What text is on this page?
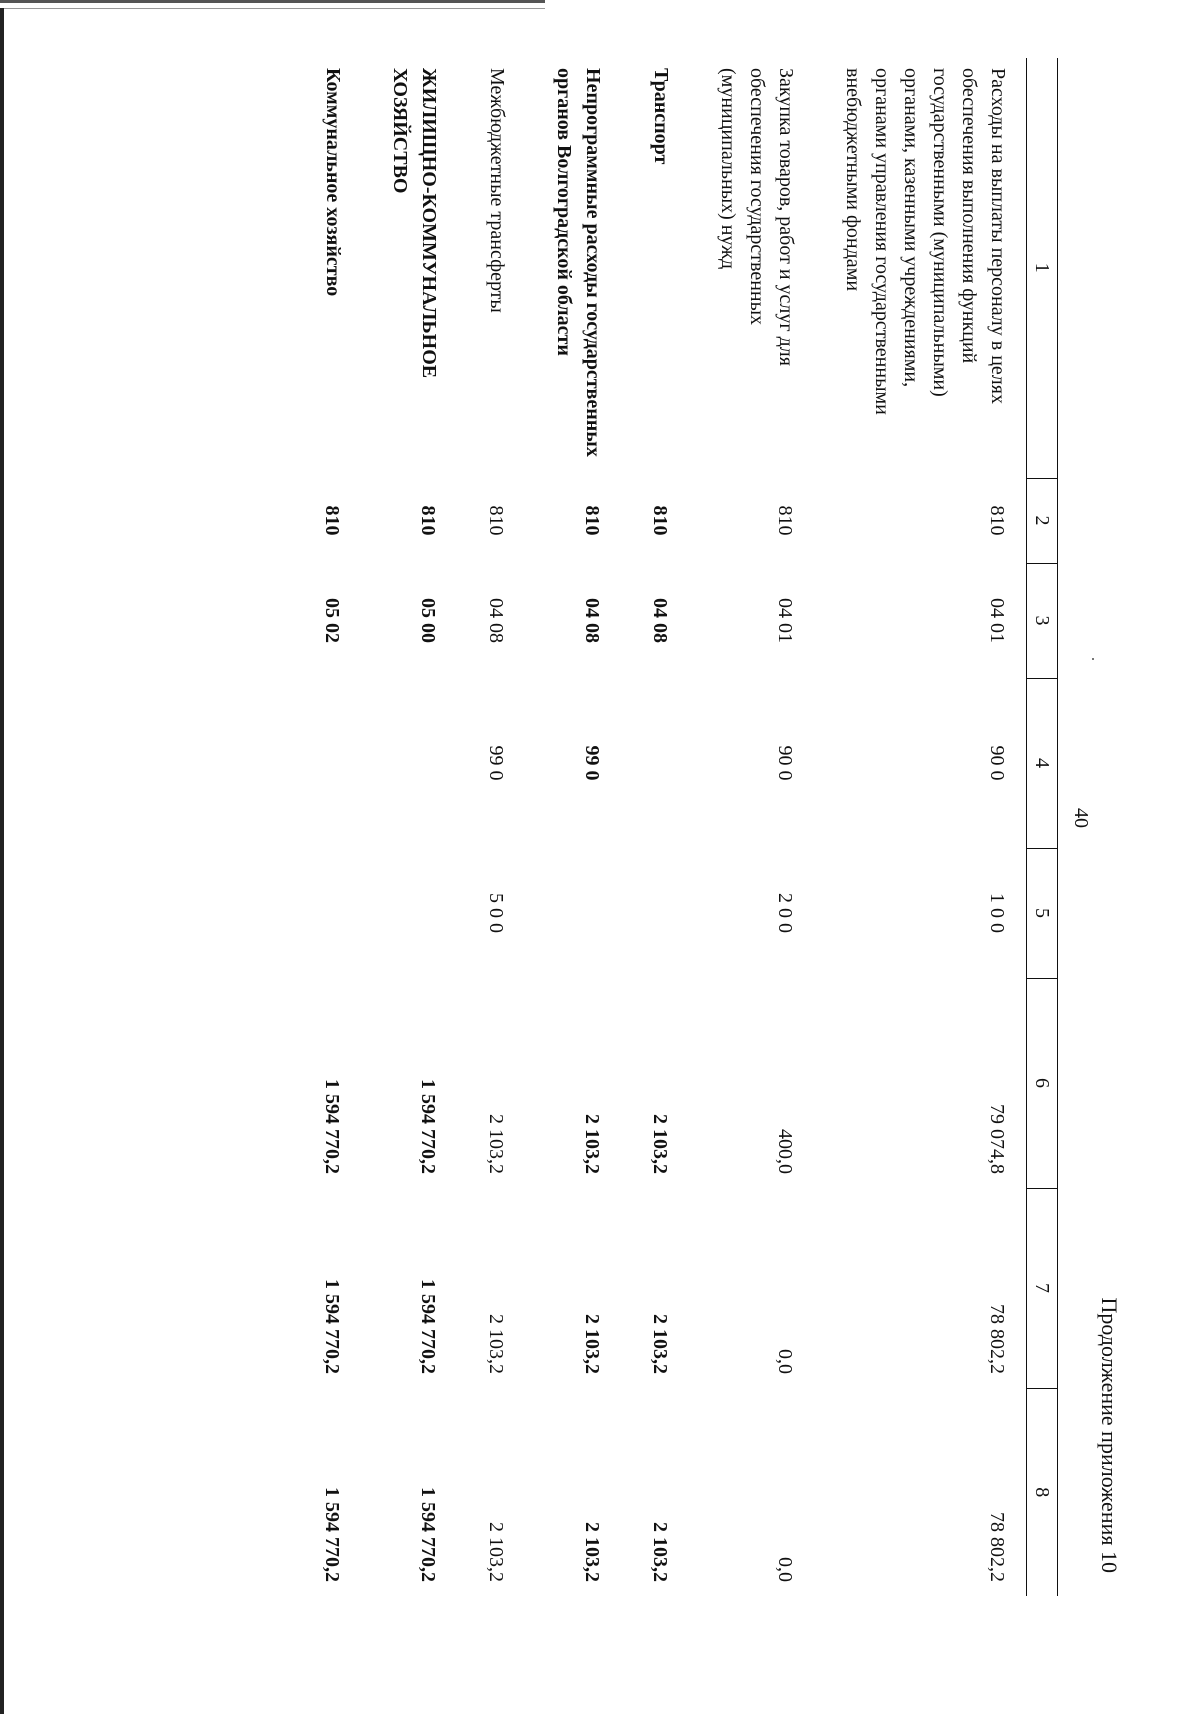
40
Продолжение приложения 10
1	2	3	4	5	6	7	8
Расходы на выплаты персоналу в целях обеспечения выполнения функций государственными (муниципальными) органами, казенными учреждениями, органами управления государственными внебюджетными фондами	810	04 01	90 0	1 0 0	79 074,8	78 802,2	78 802,2
Закупка товаров, работ и услуг для обеспечения государственных (муниципальных) нужд	810	04 01	90 0	2 0 0	400,0	0,0	0,0
Транспорт	810	04 08			2 103,2	2 103,2	2 103,2
Непрограммные расходы государственных органов Волгоградской области	810	04 08	99 0		2 103,2	2 103,2	2 103,2
Межбюджетные трансферты	810	04 08	99 0	5 0 0	2 103,2	2 103,2	2 103,2
ЖИЛИЩНО-КОММУНАЛЬНОЕ ХОЗЯЙСТВО	810	05 00			1 594 770,2	1 594 770,2	1 594 770,2
Коммунальное хозяйство	810	05 02			1 594 770,2	1 594 770,2	1 594 770,2
